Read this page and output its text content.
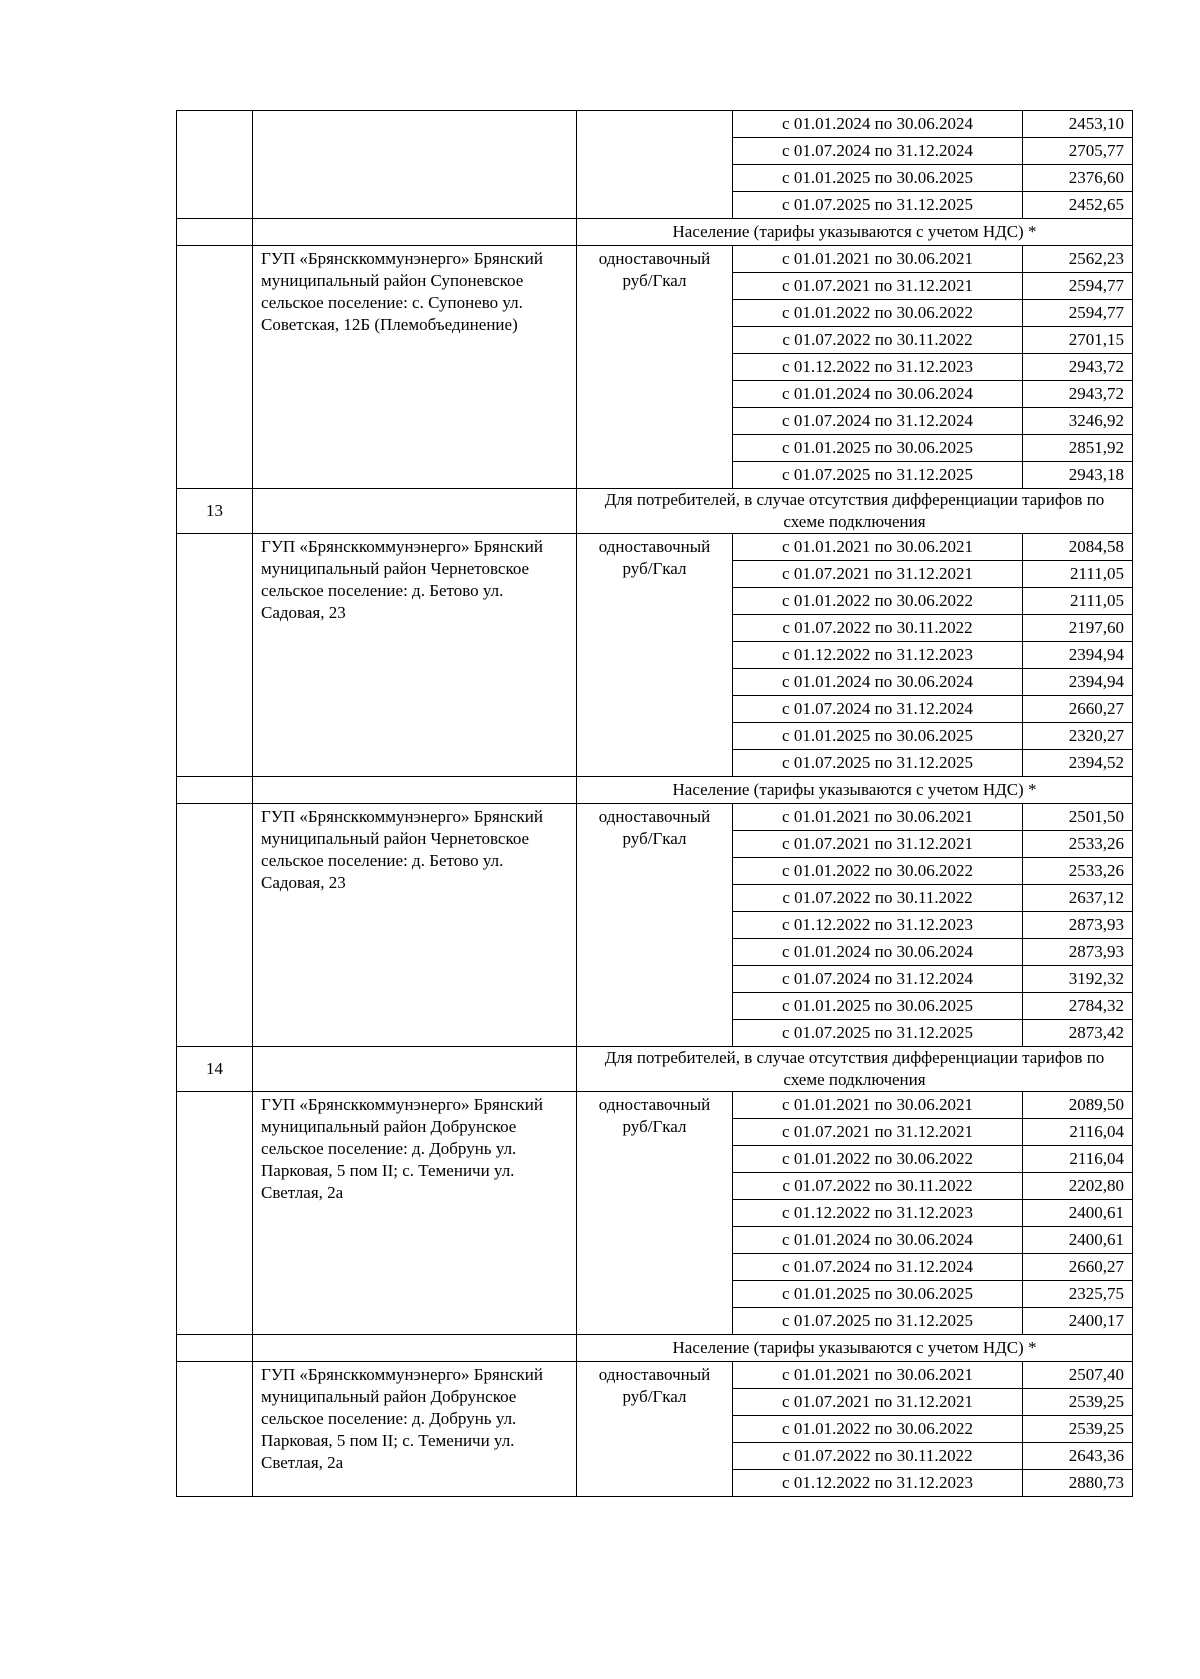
			с 01.01.2024 по 30.06.2024	2453,10
			с 01.07.2024 по 31.12.2024	2705,77
			с 01.01.2025 по 30.06.2025	2376,60
			с 01.07.2025 по 31.12.2025	2452,65
		Население (тарифы указываются с учетом НДС) *		
	ГУП «Брянсккоммунэнерго» Брянский муниципальный район Супоневское сельское поселение: с. Супонево ул. Советская, 12Б (Племобъединение)	одноставочный руб/Гкал	с 01.01.2021 по 30.06.2021	2562,23
			с 01.07.2021 по 31.12.2021	2594,77
			с 01.01.2022 по 30.06.2022	2594,77
			с 01.07.2022 по 30.11.2022	2701,15
			с 01.12.2022 по 31.12.2023	2943,72
			с 01.01.2024 по 30.06.2024	2943,72
			с 01.07.2024 по 31.12.2024	3246,92
			с 01.01.2025 по 30.06.2025	2851,92
			с 01.07.2025 по 31.12.2025	2943,18
13		Для потребителей, в случае отсутствия дифференциации тарифов по схеме подключения		
	ГУП «Брянсккоммунэнерго» Брянский муниципальный район Чернетовское сельское поселение: д. Бетово ул. Садовая, 23	одноставочный руб/Гкал	с 01.01.2021 по 30.06.2021	2084,58
			с 01.07.2021 по 31.12.2021	2111,05
			с 01.01.2022 по 30.06.2022	2111,05
			с 01.07.2022 по 30.11.2022	2197,60
			с 01.12.2022 по 31.12.2023	2394,94
			с 01.01.2024 по 30.06.2024	2394,94
			с 01.07.2024 по 31.12.2024	2660,27
			с 01.01.2025 по 30.06.2025	2320,27
			с 01.07.2025 по 31.12.2025	2394,52
		Население (тарифы указываются с учетом НДС) *		
	ГУП «Брянсккоммунэнерго» Брянский муниципальный район Чернетовское сельское поселение: д. Бетово ул. Садовая, 23	одноставочный руб/Гкал	с 01.01.2021 по 30.06.2021	2501,50
			с 01.07.2021 по 31.12.2021	2533,26
			с 01.01.2022 по 30.06.2022	2533,26
			с 01.07.2022 по 30.11.2022	2637,12
			с 01.12.2022 по 31.12.2023	2873,93
			с 01.01.2024 по 30.06.2024	2873,93
			с 01.07.2024 по 31.12.2024	3192,32
			с 01.01.2025 по 30.06.2025	2784,32
			с 01.07.2025 по 31.12.2025	2873,42
14		Для потребителей, в случае отсутствия дифференциации тарифов по схеме подключения		
	ГУП «Брянсккоммунэнерго» Брянский муниципальный район Добрунское сельское поселение: д. Добрунь ул. Парковая, 5 пом II; с. Теменичи ул. Светлая, 2а	одноставочный руб/Гкал	с 01.01.2021 по 30.06.2021	2089,50
			с 01.07.2021 по 31.12.2021	2116,04
			с 01.01.2022 по 30.06.2022	2116,04
			с 01.07.2022 по 30.11.2022	2202,80
			с 01.12.2022 по 31.12.2023	2400,61
			с 01.01.2024 по 30.06.2024	2400,61
			с 01.07.2024 по 31.12.2024	2660,27
			с 01.01.2025 по 30.06.2025	2325,75
			с 01.07.2025 по 31.12.2025	2400,17
		Население (тарифы указываются с учетом НДС) *		
	ГУП «Брянсккоммунэнерго» Брянский муниципальный район Добрунское сельское поселение: д. Добрунь ул. Парковая, 5 пом II; с. Теменичи ул. Светлая, 2а	одноставочный руб/Гкал	с 01.01.2021 по 30.06.2021	2507,40
			с 01.07.2021 по 31.12.2021	2539,25
			с 01.01.2022 по 30.06.2022	2539,25
			с 01.07.2022 по 30.11.2022	2643,36
			с 01.12.2022 по 31.12.2023	2880,73
